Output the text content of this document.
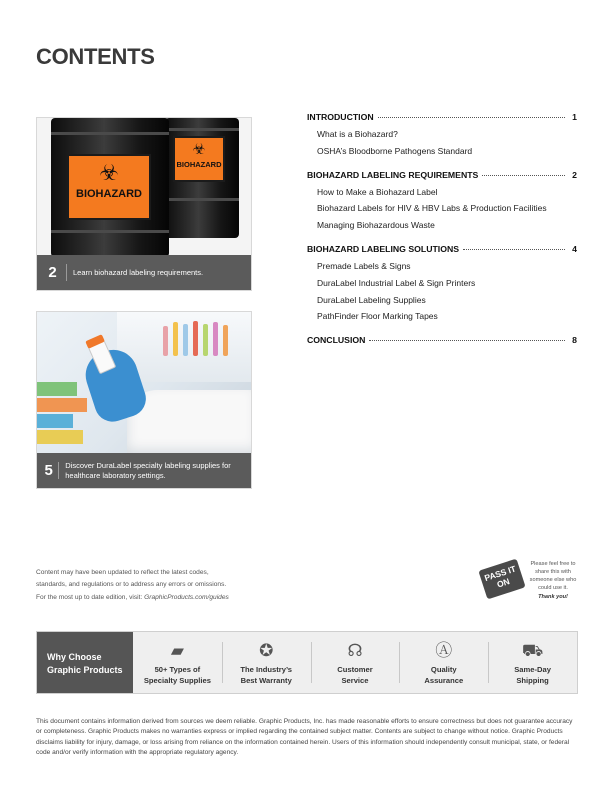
CONTENTS
☣
BIOHAZARD
☣
BIOHAZARD
2	Learn biohazard labeling requirements.
5	Discover DuraLabel specialty labeling supplies for healthcare laboratory settings.
INTRODUCTION	1
What is a Biohazard?
OSHA’s Bloodborne Pathogens Standard
BIOHAZARD LABELING REQUIREMENTS	2
How to Make a Biohazard Label
Biohazard Labels for HIV & HBV Labs & Production Facilities
Managing Biohazardous Waste
BIOHAZARD LABELING SOLUTIONS	4
Premade Labels & Signs
DuraLabel Industrial Label & Sign Printers
DuraLabel Labeling Supplies
PathFinder Floor Marking Tapes
CONCLUSION	8
Content may have been updated to reflect the latest codes,
standards, and regulations or to address any errors or omissions.
For the most up to date edition, visit: GraphicProducts.com/guides
PASS IT ON
Please feel free to share this with someone else who could use it.
Thank you!
Why Choose
Graphic Products
▰
50+ Types of
Specialty Supplies
✪
The Industry’s
Best Warranty
☊
Customer
Service
Ⓐ
Quality
Assurance
⛟
Same-Day
Shipping
This document contains information derived from sources we deem reliable. Graphic Products, Inc. has made reasonable efforts to ensure correctness but does not guarantee accuracy or completeness. Graphic Products makes no warranties express or implied regarding the contained subject matter. Contents are subject to change without notice. Graphic Products disclaims liability for injury, damage, or loss arising from reliance on the information contained herein. Users of this information should independently consult municipal, state, or federal code and/or verify information with the appropriate regulatory agency.
